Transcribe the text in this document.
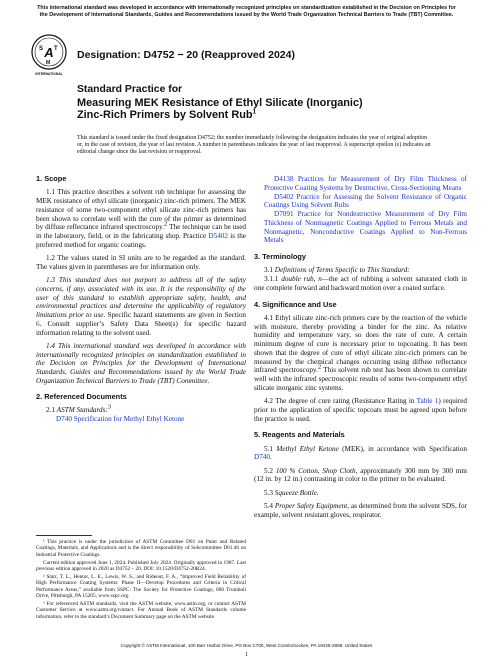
This international standard was developed in accordance with internationally recognized principles on standardization established in the Decision on Principles for the Development of International Standards, Guides and Recommendations issued by the World Trade Organization Technical Barriers to Trade (TBT) Committee.
A
S T
M
INTERNATIONAL
Designation: D4752 − 20 (Reapproved 2024)
Standard Practice for
Measuring MEK Resistance of Ethyl Silicate (Inorganic)
Zinc-Rich Primers by Solvent Rub$^1$
This standard is issued under the fixed designation D4752; the number immediately following the designation indicates the year of original adoption or, in the case of revision, the year of last revision. A number in parentheses indicates the year of last reapproval. A superscript epsilon (ε) indicates an editorial change since the last revision or reapproval.

1. Scope

1.1 This practice describes a solvent rub technique for assessing the MEK resistance of ethyl silicate (inorganic) zinc-rich primers. The MEK resistance of some two-component ethyl silicate zinc-rich primers has been shown to correlate well with the cure of the primer as determined by diffuse reflectance infrared spectroscopy.2 The technique can be used in the laboratory, field, or in the fabricating shop. Practice D5402 is the preferred method for organic coatings.

1.2 The values stated in SI units are to be regarded as the standard. The values given in parentheses are for information only.

1.3 This standard does not purport to address all of the safety concerns, if any, associated with its use. It is the responsibility of the user of this standard to establish appropriate safety, health, and environmental practices and determine the applicability of regulatory limitations prior to use. Specific hazard statements are given in Section 6. Consult supplier’s Safety Data Sheet(s) for specific hazard information relating to the solvent used.

1.4 This international standard was developed in accordance with internationally recognized principles on standardization established in the Decision on Principles for the Development of International Standards, Guides and Recommendations issued by the World Trade Organization Technical Barriers to Trade (TBT) Committee.

2. Referenced Documents

2.1 ASTM Standards:3

D740 Specification for Methyl Ethyl Ketone

¹ This practice is under the jurisdiction of ASTM Committee D01 on Paint and Related Coatings, Materials, and Applications and is the direct responsibility of Subcommittee D01.46 on Industrial Protective Coatings.

Current edition approved June 1, 2024. Published July 2024. Originally approved in 1987. Last previous edition approved in 2020 as D4752 – 20. DOI: 10.1520/D4752-20R24.

² Starr, T. L., Hentor, L. E., Lewis, W. S., and Rideout, F. A., “Improved Field Reliability of High Performance Coating Systems: Phase II—Develop Procedures and Criteria in Critical Performance Areas,” available from SSPC: The Society for Protective Coatings, 800 Trumbull Drive, Pittsburgh, PA 15205, www.sspc.org.

³ For referenced ASTM standards, visit the ASTM website, www.astm.org, or contact ASTM Customer Service at www.astm.org/contact. For Annual Book of ASTM Standards volume information, refer to the standard’s Document Summary page on the ASTM website.

D4138 Practices for Measurement of Dry Film Thickness of Protective Coating Systems by Destructive, Cross-Sectioning Means

D5402 Practice for Assessing the Solvent Resistance of Organic Coatings Using Solvent Rubs

D7091 Practice for Nondestructive Measurement of Dry Film Thickness of Nonmagnetic Coatings Applied to Ferrous Metals and Nonmagnetic, Nonconductive Coatings Applied to Non-Ferrous Metals

3. Terminology

3.1 Definitions of Terms Specific to This Standard:

3.1.1 double rub, n—the act of rubbing a solvent saturated cloth in one complete forward and backward motion over a coated surface.

4. Significance and Use

4.1 Ethyl silicate zinc-rich primers cure by the reaction of the vehicle with moisture, thereby providing a binder for the zinc. As relative humidity and temperature vary, so does the rate of cure. A certain minimum degree of cure is necessary prior to topcoating. It has been shown that the degree of cure of ethyl silicate zinc-rich primers can be measured by the chemical changes occurring using diffuse reflectance infrared spectroscopy.2 This solvent rub test has been shown to correlate well with the infrared spectroscopic results of some two-component ethyl silicate inorganic zinc systems.

4.2 The degree of cure rating (Resistance Rating in Table 1) required prior to the application of specific topcoats must be agreed upon before the practice is used.

5. Reagents and Materials

5.1 Methyl Ethyl Ketone (MEK), in accordance with Specification D740.

5.2 100 % Cotton, Shop Cloth, approximately 300 mm by 300 mm (12 in. by 12 in.) contrasting in color to the primer to be evaluated.

5.3 Squeeze Bottle.

5.4 Proper Safety Equipment, as determined from the solvent SDS, for example, solvent resistant gloves, respirator.

Copyright © ASTM International, 100 Barr Harbor Drive, PO Box C700, West Conshohocken, PA 19428-2959. United States
1
